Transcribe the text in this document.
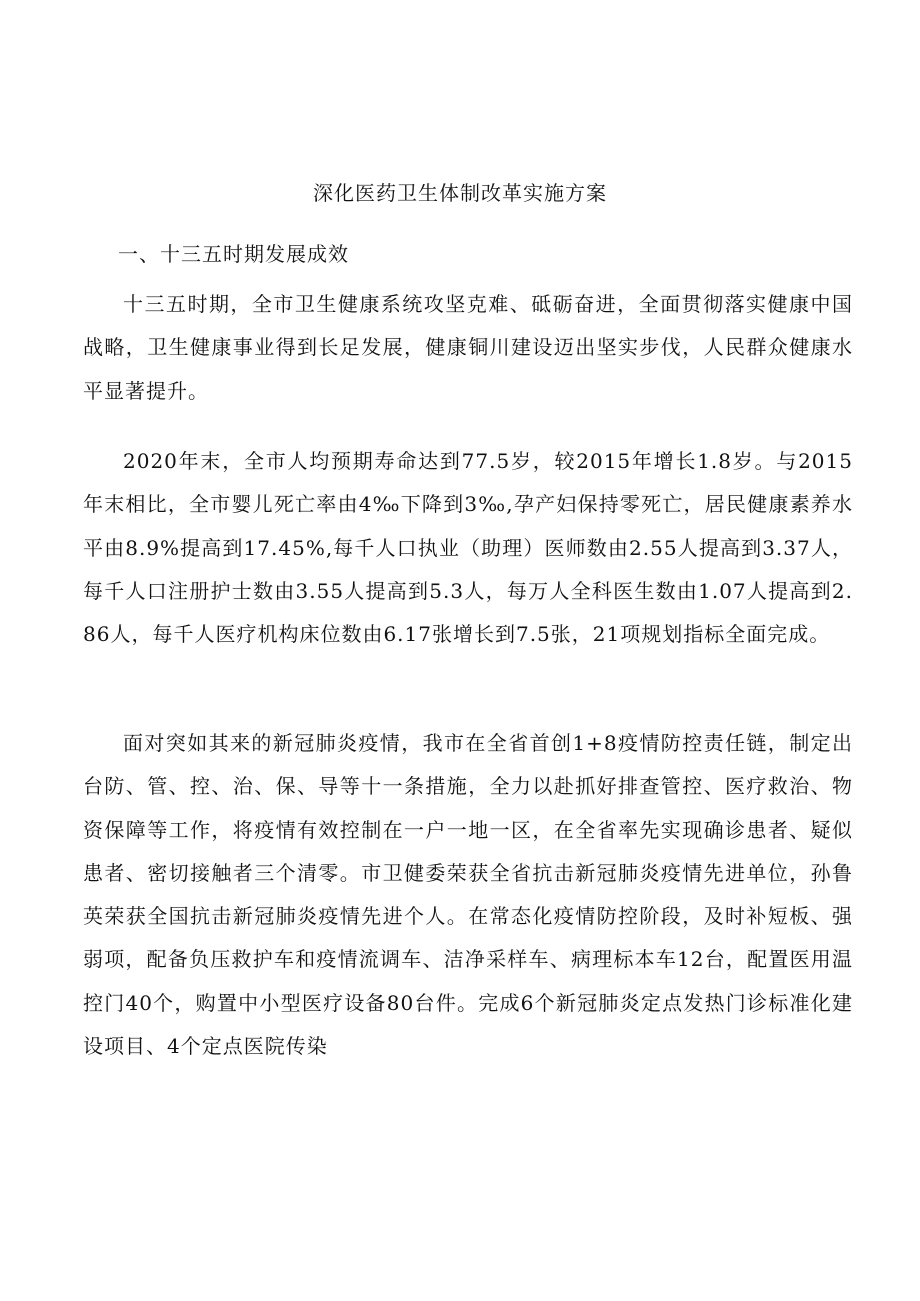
深化医药卫生体制改革实施方案
一、十三五时期发展成效
十三五时期，全市卫生健康系统攻坚克难、砥砺奋进，全面贯彻落实健康中国战略，卫生健康事业得到长足发展，健康铜川建设迈出坚实步伐，人民群众健康水平显著提升。
2020年末，全市人均预期寿命达到77.5岁，较2015年增长1.8岁。与2015年末相比，全市婴儿死亡率由4‰下降到3‰,孕产妇保持零死亡，居民健康素养水平由8.9%提高到17.45%,每千人口执业（助理）医师数由2.55人提高到3.37人，每千人口注册护士数由3.55人提高到5.3人，每万人全科医生数由1.07人提高到2.86人，每千人医疗机构床位数由6.17张增长到7.5张，21项规划指标全面完成。
面对突如其来的新冠肺炎疫情，我市在全省首创1+8疫情防控责任链，制定出台防、管、控、治、保、导等十一条措施，全力以赴抓好排查管控、医疗救治、物资保障等工作，将疫情有效控制在一户一地一区，在全省率先实现确诊患者、疑似患者、密切接触者三个清零。市卫健委荣获全省抗击新冠肺炎疫情先进单位，孙鲁英荣获全国抗击新冠肺炎疫情先进个人。在常态化疫情防控阶段，及时补短板、强弱项，配备负压救护车和疫情流调车、洁净采样车、病理标本车12台，配置医用温控门40个，购置中小型医疗设备80台件。完成6个新冠肺炎定点发热门诊标准化建设项目、4个定点医院传染
